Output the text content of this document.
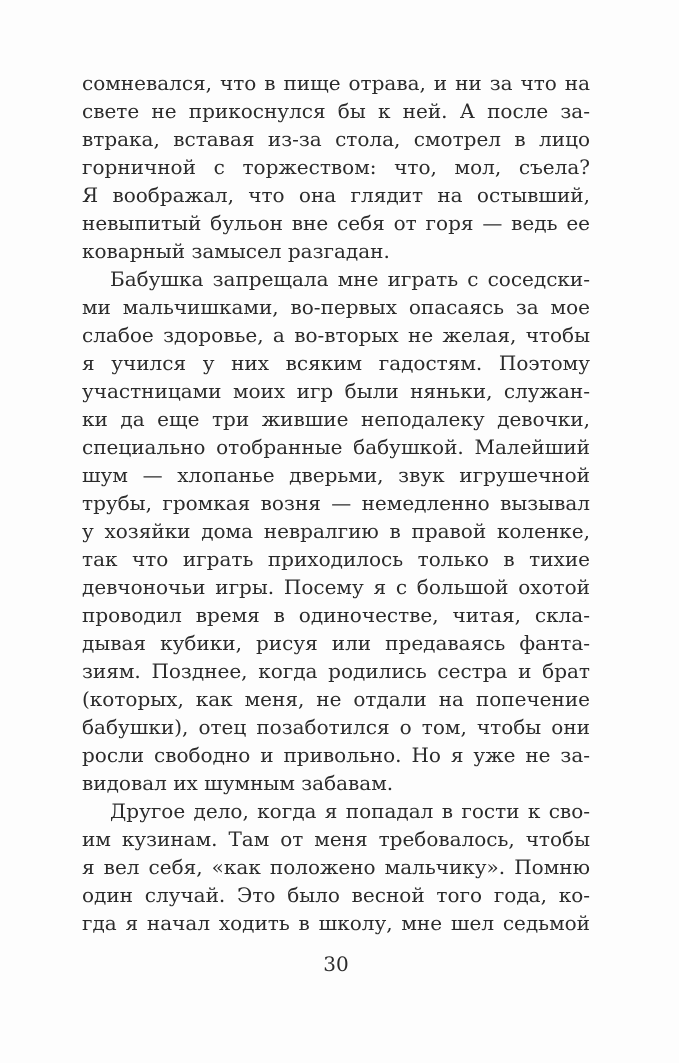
сомневался, что в пище отрава, и ни за что на
свете не прикоснулся бы к ней. А после за-
втрака, вставая из-за стола, смотрел в лицо
горничной с торжеством: что, мол, съела?
Я воображал, что она глядит на остывший,
невыпитый бульон вне себя от горя — ведь ее
коварный замысел разгадан.
Бабушка запрещала мне играть с соседски-
ми мальчишками, во-первых опасаясь за мое
слабое здоровье, а во-вторых не желая, чтобы
я учился у них всяким гадостям. Поэтому
участницами моих игр были няньки, служан-
ки да еще три жившие неподалеку девочки,
специально отобранные бабушкой. Малейший
шум — хлопанье дверьми, звук игрушечной
трубы, громкая возня — немедленно вызывал
у хозяйки дома невралгию в правой коленке,
так что играть приходилось только в тихие
девчоночьи игры. Посему я с большой охотой
проводил время в одиночестве, читая, скла-
дывая кубики, рисуя или предаваясь фанта-
зиям. Позднее, когда родились сестра и брат
(которых, как меня, не отдали на попечение
бабушки), отец позаботился о том, чтобы они
росли свободно и привольно. Но я уже не за-
видовал их шумным забавам.
Другое дело, когда я попадал в гости к сво-
им кузинам. Там от меня требовалось, чтобы
я вел себя, «как положено мальчику». Помню
один случай. Это было весной того года, ко-
гда я начал ходить в школу, мне шел седьмой
30
